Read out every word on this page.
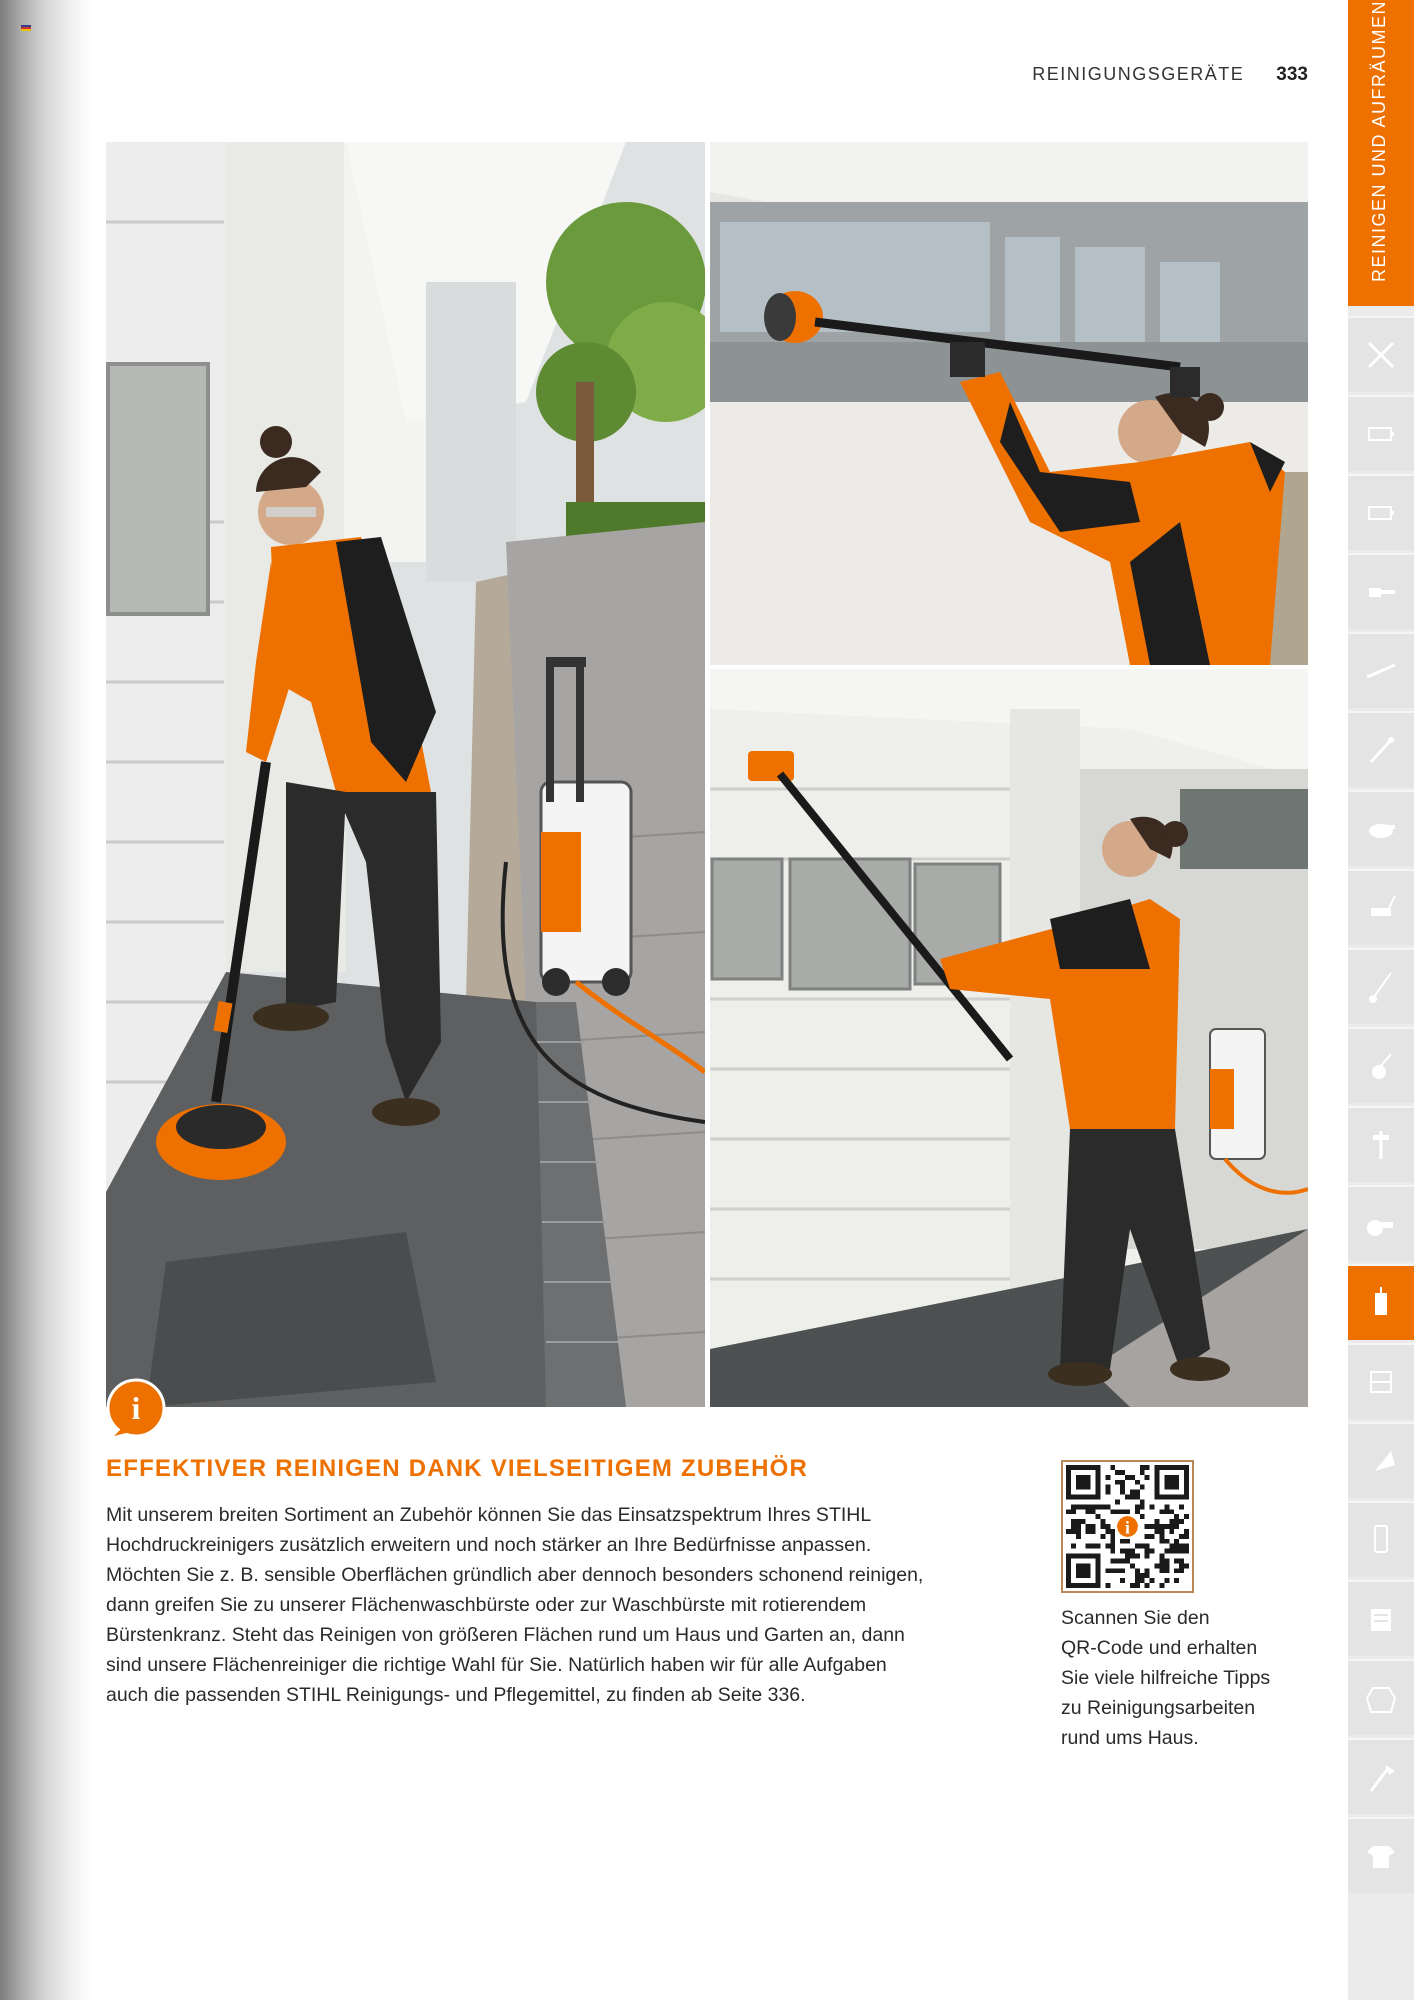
REINIGUNGSGERÄTE 333
i
EFFEKTIVER REINIGEN DANK VIELSEITIGEM ZUBEHÖR
Mit unserem breiten Sortiment an Zubehör können Sie das Einsatzspektrum Ihres STIHL
Hochdruckreinigers zusätzlich erweitern und noch stärker an Ihre Bedürfnisse anpassen.
Möchten Sie z. B. sensible Oberflächen gründlich aber dennoch besonders schonend reinigen,
dann greifen Sie zu unserer Flächenwaschbürste oder zur Waschbürste mit rotierendem
Bürstenkranz. Steht das Reinigen von größeren Flächen rund um Haus und Garten an, dann
sind unsere Flächenreiniger die richtige Wahl für Sie. Natürlich haben wir für alle Aufgaben
auch die passenden STIHL Reinigungs- und Pflegemittel, zu finden ab Seite 336.
i
Scannen Sie den
QR-Code und erhalten
Sie viele hilfreiche Tipps
zu Reinigungsarbeiten
rund ums Haus.
REINIGEN UND AUFRÄUMEN
